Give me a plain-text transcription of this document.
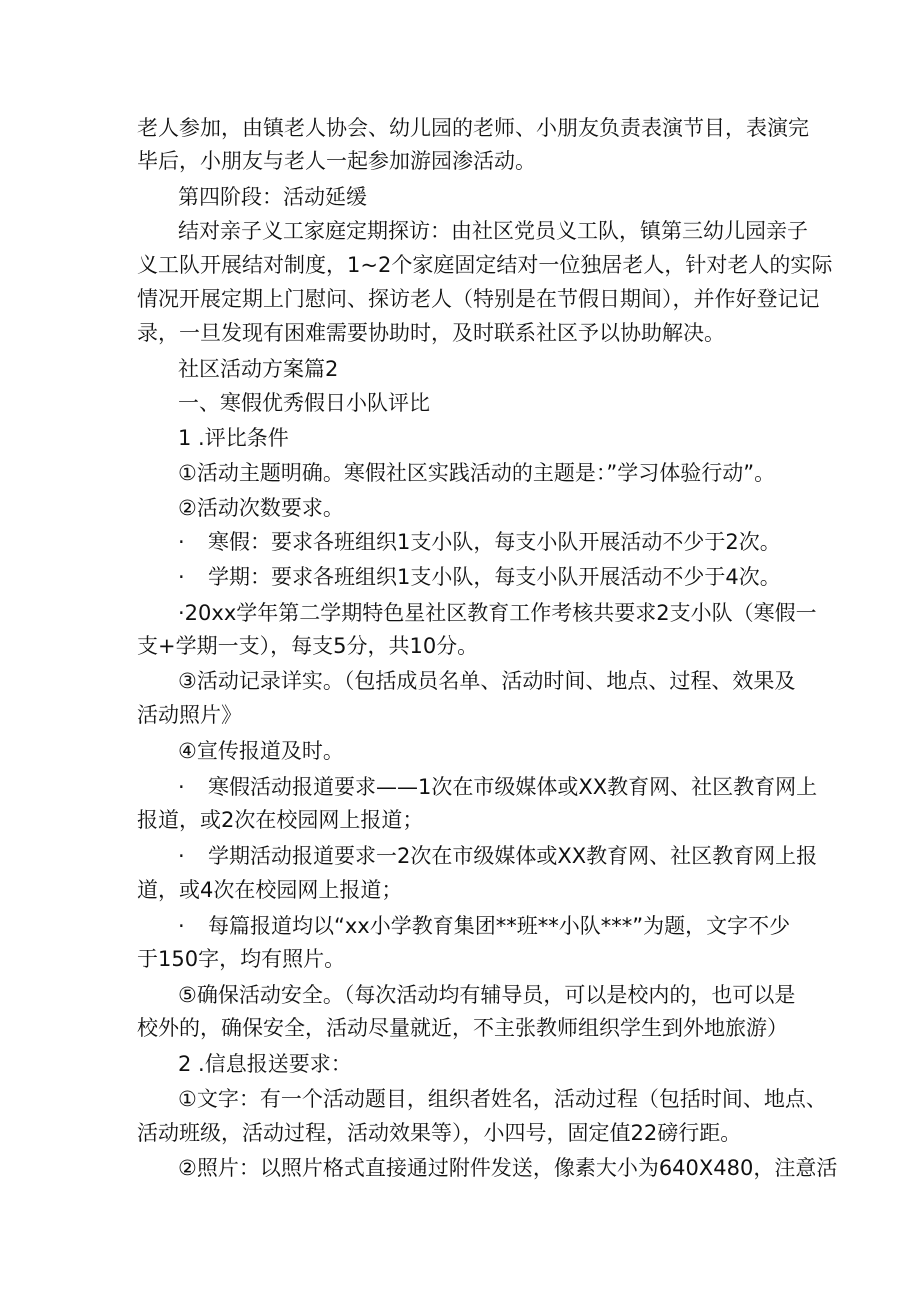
老人参加，由镇老人协会、幼儿园的老师、小朋友负责表演节目，表演完
毕后，小朋友与老人一起参加游园渗活动。
第四阶段：活动延缓
结对亲子义工家庭定期探访：由社区党员义工队，镇第三幼儿园亲子
义工队开展结对制度，1~2个家庭固定结对一位独居老人，针对老人的实际
情况开展定期上门慰问、探访老人（特别是在节假日期间），并作好登记记
录，一旦发现有困难需要协助时，及时联系社区予以协助解决。
社区活动方案篇2
一、寒假优秀假日小队评比
1 .评比条件
①活动主题明确。寒假社区实践活动的主题是：”学习体验行动”。
②活动次数要求。
· 寒假：要求各班组织1支小队，每支小队开展活动不少于2次。
· 学期：要求各班组织1支小队，每支小队开展活动不少于4次。
·20xx学年第二学期特色星社区教育工作考核共要求2支小队（寒假一
支+学期一支），每支5分，共10分。
③活动记录详实。（包括成员名单、活动时间、地点、过程、效果及
活动照片》
④宣传报道及时。
· 寒假活动报道要求——1次在市级媒体或XX教育网、社区教育网上
报道，或2次在校园网上报道；
· 学期活动报道要求一2次在市级媒体或XX教育网、社区教育网上报
道，或4次在校园网上报道；
· 每篇报道均以“xx小学教育集团**班**小队***”为题，文字不少
于150字，均有照片。
⑤确保活动安全。（每次活动均有辅导员，可以是校内的，也可以是
校外的，确保安全，活动尽量就近，不主张教师组织学生到外地旅游）
2 .信息报送要求：
①文字：有一个活动题目，组织者姓名，活动过程（包括时间、地点、
活动班级，活动过程，活动效果等），小四号，固定值22磅行距。
②照片：以照片格式直接通过附件发送，像素大小为640X480，注意活
